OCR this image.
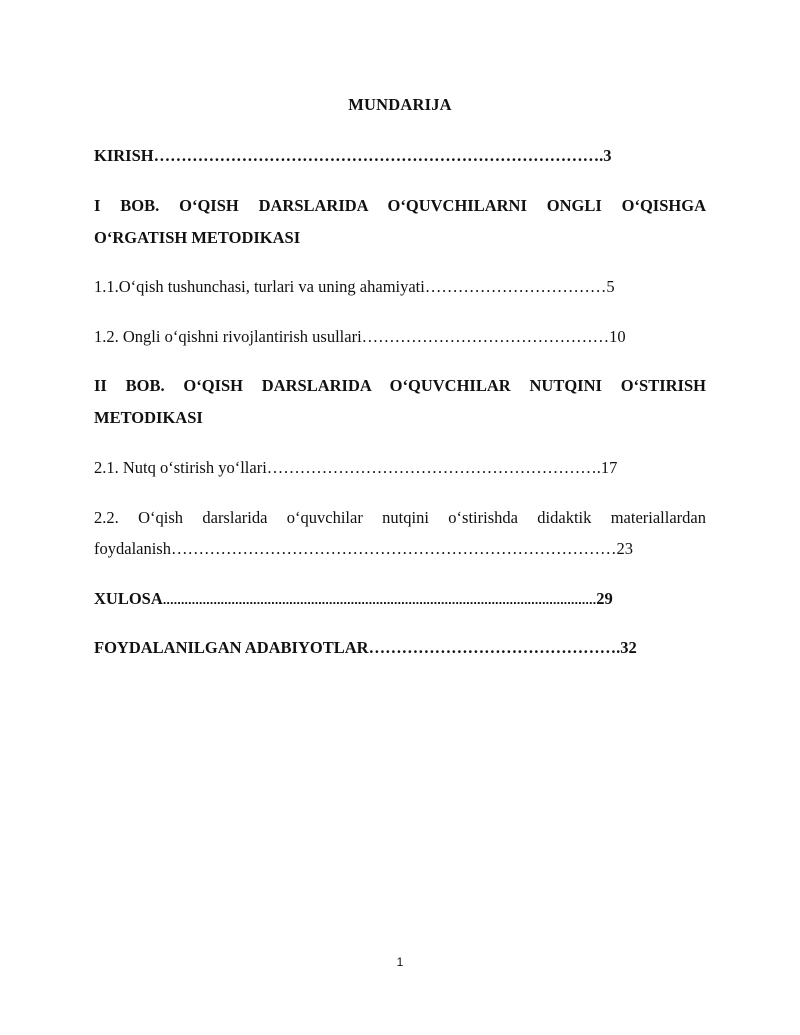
MUNDARIJA
KIRISH……………………………………………………………………….3
I BOB. O‘QISH DARSLARIDA O‘QUVCHILARNI ONGLI O‘QISHGA
O‘RGATISH METODIKASI
1.1.O‘qish tushunchasi, turlari va uning ahamiyati……………………………5
1.2. Ongli o‘qishni rivojlantirish usullari………………………………………10
II BOB. O‘QISH DARSLARIDA O‘QUVCHILAR NUTQINI O‘STIRISH
METODIKASI
2.1. Nutq o‘stirish yo‘llari…………………………………………………….17
2.2. O‘qish darslarida o‘quvchilar nutqini o‘stirishda didaktik materiallardan
foydalanish………………………………………………………………………23
XULOSA........................................................................................................................29
FOYDALANILGAN ADABIYOTLAR……………………………………….32
1
